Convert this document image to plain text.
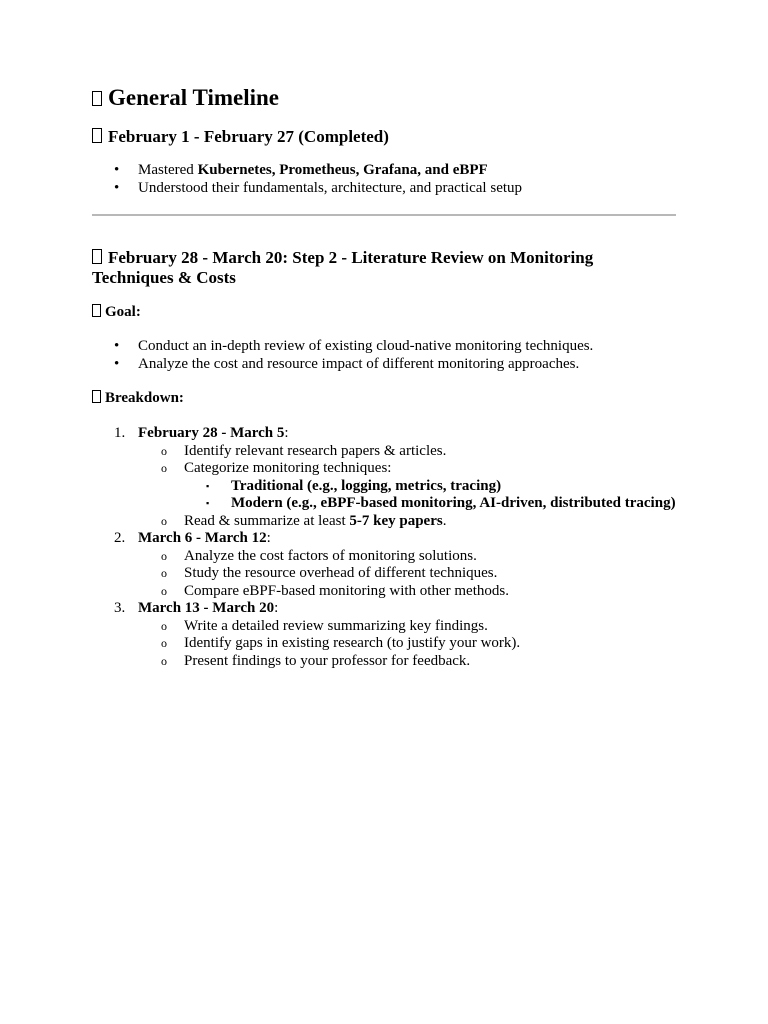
General Timeline
February 1 - February 27 (Completed)
• Mastered Kubernetes, Prometheus, Grafana, and eBPF
• Understood their fundamentals, architecture, and practical setup
February 28 - March 20: Step 2 - Literature Review on Monitoring Techniques & Costs
Goal:
• Conduct an in-depth review of existing cloud-native monitoring techniques.
• Analyze the cost and resource impact of different monitoring approaches.
Breakdown:
1. February 28 - March 5:
o Identify relevant research papers & articles.
o Categorize monitoring techniques:
▪ Traditional (e.g., logging, metrics, tracing)
▪ Modern (e.g., eBPF-based monitoring, AI-driven, distributed tracing)
o Read & summarize at least 5-7 key papers.
2. March 6 - March 12:
o Analyze the cost factors of monitoring solutions.
o Study the resource overhead of different techniques.
o Compare eBPF-based monitoring with other methods.
3. March 13 - March 20:
o Write a detailed review summarizing key findings.
o Identify gaps in existing research (to justify your work).
o Present findings to your professor for feedback.
